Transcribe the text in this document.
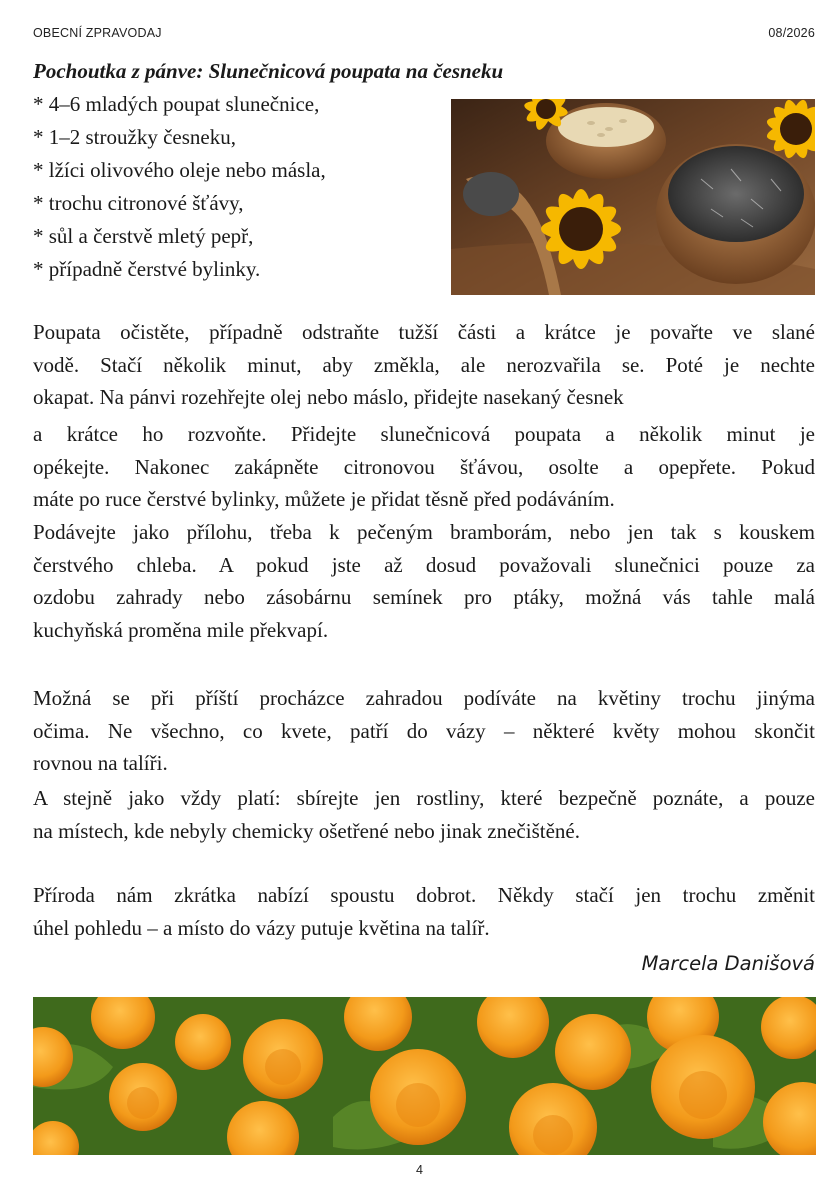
OBECNÍ ZPRAVODAJ	08/2026
Pochoutka z pánve: Slunečnicová poupata na česneku
* 4–6 mladých poupat slunečnice,
* 1–2 stroužky česneku,
* lžíci olivového oleje nebo másla,
* trochu citronové šťávy,
* sůl a čerstvě mletý pepř,
* případně čerstvé bylinky.

Poupata očistěte, případně odstraňte tužší části a krátce je povařte ve slané
vodě. Stačí několik minut, aby změkla, ale nerozvařila se. Poté je nechte
okapat. Na pánvi rozehřejte olej nebo máslo, přidejte nasekaný česnek

a krátce ho rozvoňte. Přidejte slunečnicová poupata a několik minut je
opékejte. Nakonec zakápněte citronovou šťávou, osolte a opepřete. Pokud
máte po ruce čerstvé bylinky, můžete je přidat těsně před podáváním.

Podávejte jako přílohu, třeba k pečeným bramborám, nebo jen tak s kouskem
čerstvého chleba. A pokud jste až dosud považovali slunečnici pouze za
ozdobu zahrady nebo zásobárnu semínek pro ptáky, možná vás tahle malá
kuchyňská proměna mile překvapí.

Možná se při příští procházce zahradou podíváte na květiny trochu jinýma
očima. Ne všechno, co kvete, patří do vázy – některé květy mohou skončit
rovnou na talíři.

A stejně jako vždy platí: sbírejte jen rostliny, které bezpečně poznáte, a pouze
na místech, kde nebyly chemicky ošetřené nebo jinak znečištěné.

Příroda nám zkrátka nabízí spoustu dobrot. Někdy stačí jen trochu změnit
úhel pohledu – a místo do vázy putuje květina na talíř.

Marcela Danišová
4
